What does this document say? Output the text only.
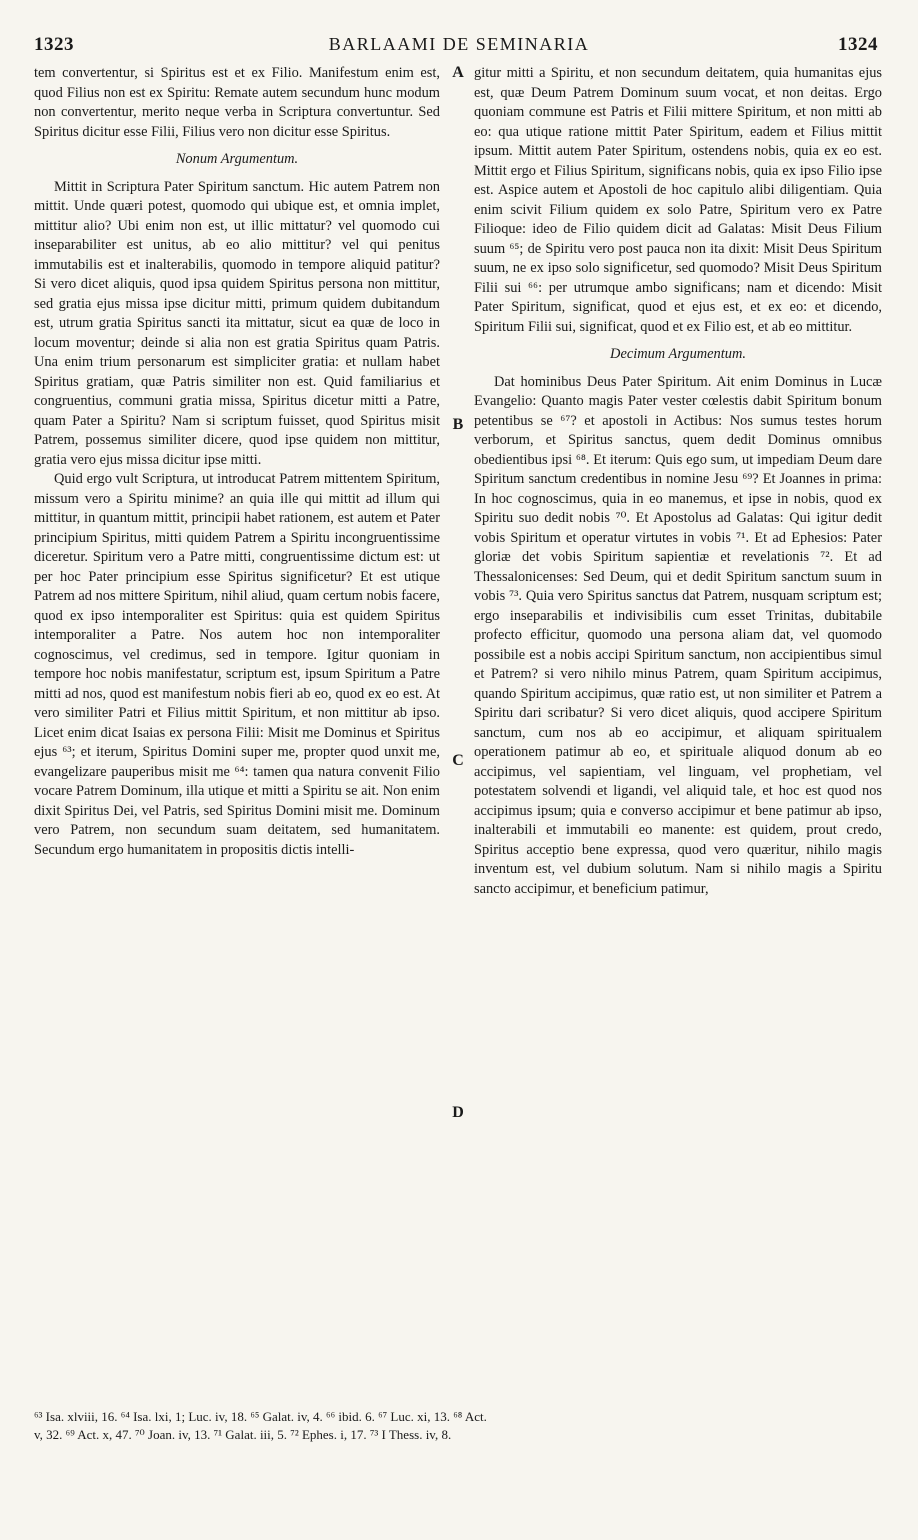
1323	BARLAAMI DE SEMINARIA	1324

tem convertentur, si Spiritus est et ex Filio. Manifestum enim est, quod Filius non est ex Spiritu: Remate autem secundum hunc modum non convertentur, merito neque verba in Scriptura convertuntur. Sed Spiritus dicitur esse Filii, Filius vero non dicitur esse Spiritus.

Nonum Argumentum.

Mittit in Scriptura Pater Spiritum sanctum. Hic autem Patrem non mittit. Unde quæri potest, quomodo qui ubique est, et omnia implet, mittitur alio? Ubi enim non est, ut illic mittatur? vel quomodo cui inseparabiliter est unitus, ab eo alio mittitur? vel qui penitus immutabilis est et inalterabilis, quomodo in tempore aliquid patitur? Si vero dicet aliquis, quod ipsa quidem Spiritus persona non mittitur, sed gratia ejus missa ipse dicitur mitti, primum quidem dubitandum est, utrum gratia Spiritus sancti ita mittatur, sicut ea quæ de loco in locum moventur; deinde si alia non est gratia Spiritus quam Patris. Una enim trium personarum est simpliciter gratia: et nullam habet Spiritus gratiam, quæ Patris similiter non est. Quid familiarius et congruentius, communi gratia missa, Spiritus dicetur mitti a Patre, quam Pater a Spiritu? Nam si scriptum fuisset, quod Spiritus misit Patrem, possemus similiter dicere, quod ipse quidem non mittitur, gratia vero ejus missa dicitur ipse mitti.

Quid ergo vult Scriptura, ut introducat Patrem mittentem Spiritum, missum vero a Spiritu minime? an quia ille qui mittit ad illum qui mittitur, in quantum mittit, principii habet rationem, est autem et Pater principium Spiritus, mitti quidem Patrem a Spiritu incongruentissime diceretur. Spiritum vero a Patre mitti, congruentissime dictum est: ut per hoc Pater principium esse Spiritus significetur? Et est utique Patrem ad nos mittere Spiritum, nihil aliud, quam certum nobis facere, quod ex ipso intemporaliter est Spiritus: quia est quidem Spiritus intemporaliter a Patre. Nos autem hoc non intemporaliter cognoscimus, vel credimus, sed in tempore. Igitur quoniam in tempore hoc nobis manifestatur, scriptum est, ipsum Spiritum a Patre mitti ad nos, quod est manifestum nobis fieri ab eo, quod ex eo est. At vero similiter Patri et Filius mittit Spiritum, et non mittitur ab ipso. Licet enim dicat Isaias ex persona Filii: Misit me Dominus et Spiritus ejus ⁶³; et iterum, Spiritus Domini super me, propter quod unxit me, evangelizare pauperibus misit me ⁶⁴: tamen qua natura convenit Filio vocare Patrem Dominum, illa utique et mitti a Spiritu se ait. Non enim dixit Spiritus Dei, vel Patris, sed Spiritus Domini misit me. Dominum vero Patrem, non secundum suam deitatem, sed humanitatem. Secundum ergo humanitatem in propositis dictis intelli-

A
B
C
D

gitur mitti a Spiritu, et non secundum deitatem, quia humanitas ejus est, quæ Deum Patrem Dominum suum vocat, et non deitas. Ergo quoniam commune est Patris et Filii mittere Spiritum, et non mitti ab eo: qua utique ratione mittit Pater Spiritum, eadem et Filius mittit ipsum. Mittit autem Pater Spiritum, ostendens nobis, quia ex eo est. Mittit ergo et Filius Spiritum, significans nobis, quia ex ipso Filio ipse est. Aspice autem et Apostoli de hoc capitulo alibi diligentiam. Quia enim scivit Filium quidem ex solo Patre, Spiritum vero ex Patre Filioque: ideo de Filio quidem dicit ad Galatas: Misit Deus Filium suum ⁶⁵; de Spiritu vero post pauca non ita dixit: Misit Deus Spiritum suum, ne ex ipso solo significetur, sed quomodo? Misit Deus Spiritum Filii sui ⁶⁶: per utrumque ambo significans; nam et dicendo: Misit Pater Spiritum, significat, quod et ejus est, et ex eo: et dicendo, Spiritum Filii sui, significat, quod et ex Filio est, et ab eo mittitur.

Decimum Argumentum.

Dat hominibus Deus Pater Spiritum. Ait enim Dominus in Lucæ Evangelio: Quanto magis Pater vester cœlestis dabit Spiritum bonum petentibus se ⁶⁷? et apostoli in Actibus: Nos sumus testes horum verborum, et Spiritus sanctus, quem dedit Dominus omnibus obedientibus ipsi ⁶⁸. Et iterum: Quis ego sum, ut impediam Deum dare Spiritum sanctum credentibus in nomine Jesu ⁶⁹? Et Joannes in prima: In hoc cognoscimus, quia in eo manemus, et ipse in nobis, quod ex Spiritu suo dedit nobis ⁷⁰. Et Apostolus ad Galatas: Qui igitur dedit vobis Spiritum et operatur virtutes in vobis ⁷¹. Et ad Ephesios: Pater gloriæ det vobis Spiritum sapientiæ et revelationis ⁷². Et ad Thessalonicenses: Sed Deum, qui et dedit Spiritum sanctum suum in vobis ⁷³. Quia vero Spiritus sanctus dat Patrem, nusquam scriptum est; ergo inseparabilis et indivisibilis cum esset Trinitas, dubitabile profecto efficitur, quomodo una persona aliam dat, vel quomodo possibile est a nobis accipi Spiritum sanctum, non accipientibus simul et Patrem? si vero nihilo minus Patrem, quam Spiritum accipimus, quando Spiritum accipimus, quæ ratio est, ut non similiter et Patrem a Spiritu dari scribatur? Si vero dicet aliquis, quod accipere Spiritum sanctum, cum nos ab eo accipimur, et aliquam spiritualem operationem patimur ab eo, et spirituale aliquod donum ab eo accipimus, vel sapientiam, vel linguam, vel prophetiam, vel potestatem solvendi et ligandi, vel aliquid tale, et hoc est quod nos accipimus ipsum; quia e converso accipimur et bene patimur ab ipso, inalterabili et immutabili eo manente: est quidem, prout credo, Spiritus acceptio bene expressa, quod vero quæritur, nihilo magis inventum est, vel dubium solutum. Nam si nihilo magis a Spiritu sancto accipimur, et beneficium patimur,

⁶³ Isa. xlviii, 16. ⁶⁴ Isa. lxi, 1; Luc. iv, 18. ⁶⁵ Galat. iv, 4. ⁶⁶ ibid. 6. ⁶⁷ Luc. xi, 13. ⁶⁸ Act.
v, 32. ⁶⁹ Act. x, 47. ⁷⁰ Joan. iv, 13. ⁷¹ Galat. iii, 5. ⁷² Ephes. i, 17. ⁷³ I Thess. iv, 8.
